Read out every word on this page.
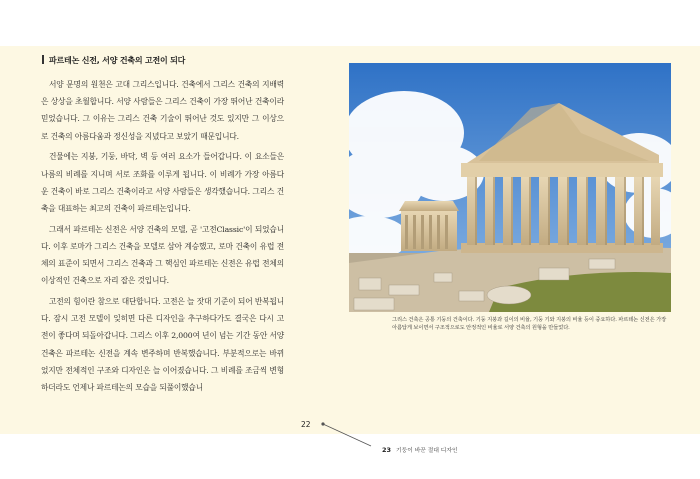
파르테논 신전, 서양 건축의 고전이 되다

서양 문명의 원천은 고대 그리스입니다. 건축에서 그리스 건축의 지배력은 상상을 초월합니다. 서양 사람들은 그리스 건축이 가장 뛰어난 건축이라 믿었습니다. 그 이유는 그리스 건축 기술이 뛰어난 것도 있지만 그 이상으로 건축의 아름다움과 정신성을 지녔다고 보았기 때문입니다.

건물에는 지붕, 기둥, 바닥, 벽 등 여러 요소가 들어갑니다. 이 요소들은 나름의 비례를 지니며 서로 조화를 이루게 됩니다. 이 비례가 가장 아름다운 건축이 바로 그리스 건축이라고 서양 사람들은 생각했습니다. 그리스 건축을 대표하는 최고의 건축이 파르테논입니다.

그래서 파르테논 신전은 서양 건축의 모델, 곧 '고전Classic'이 되었습니다. 이후 로마가 그리스 건축을 모델로 삼아 계승했고, 로마 건축이 유럽 전체의 표준이 되면서 그리스 건축과 그 핵심인 파르테논 신전은 유럽 전체의 이상적인 건축으로 자리 잡은 것입니다.

고전의 힘이란 참으로 대단합니다. 고전은 늘 잣대 기준이 되어 반복됩니다. 잠시 고전 모델이 잊히면 다른 디자인을 추구하다가도 결국은 다시 고전이 좋다며 되돌아갑니다. 그리스 이후 2,000여 년이 넘는 기간 동안 서양 건축은 파르테논 신전을 계속 변주하며 반복했습니다. 부분적으로는 바뀌었지만 전체적인 구조와 디자인은 늘 이어졌습니다. 그 비례를 조금씩 변형하더라도 언제나 파르테논의 모습을 되풀이했습니

그리스 건축은 공통 기둥의 건축이다. 기둥 지붕과 길이의 비율, 기둥 기와 지붕의 비율 등이 중요하다. 파르테논 신전은 가장 아름답게 보이면서 구조적으로도 안정적인 비율로 서양 건축의 원형을 만들었다.
22
23 기둥이 바꾼 절대 디자인
